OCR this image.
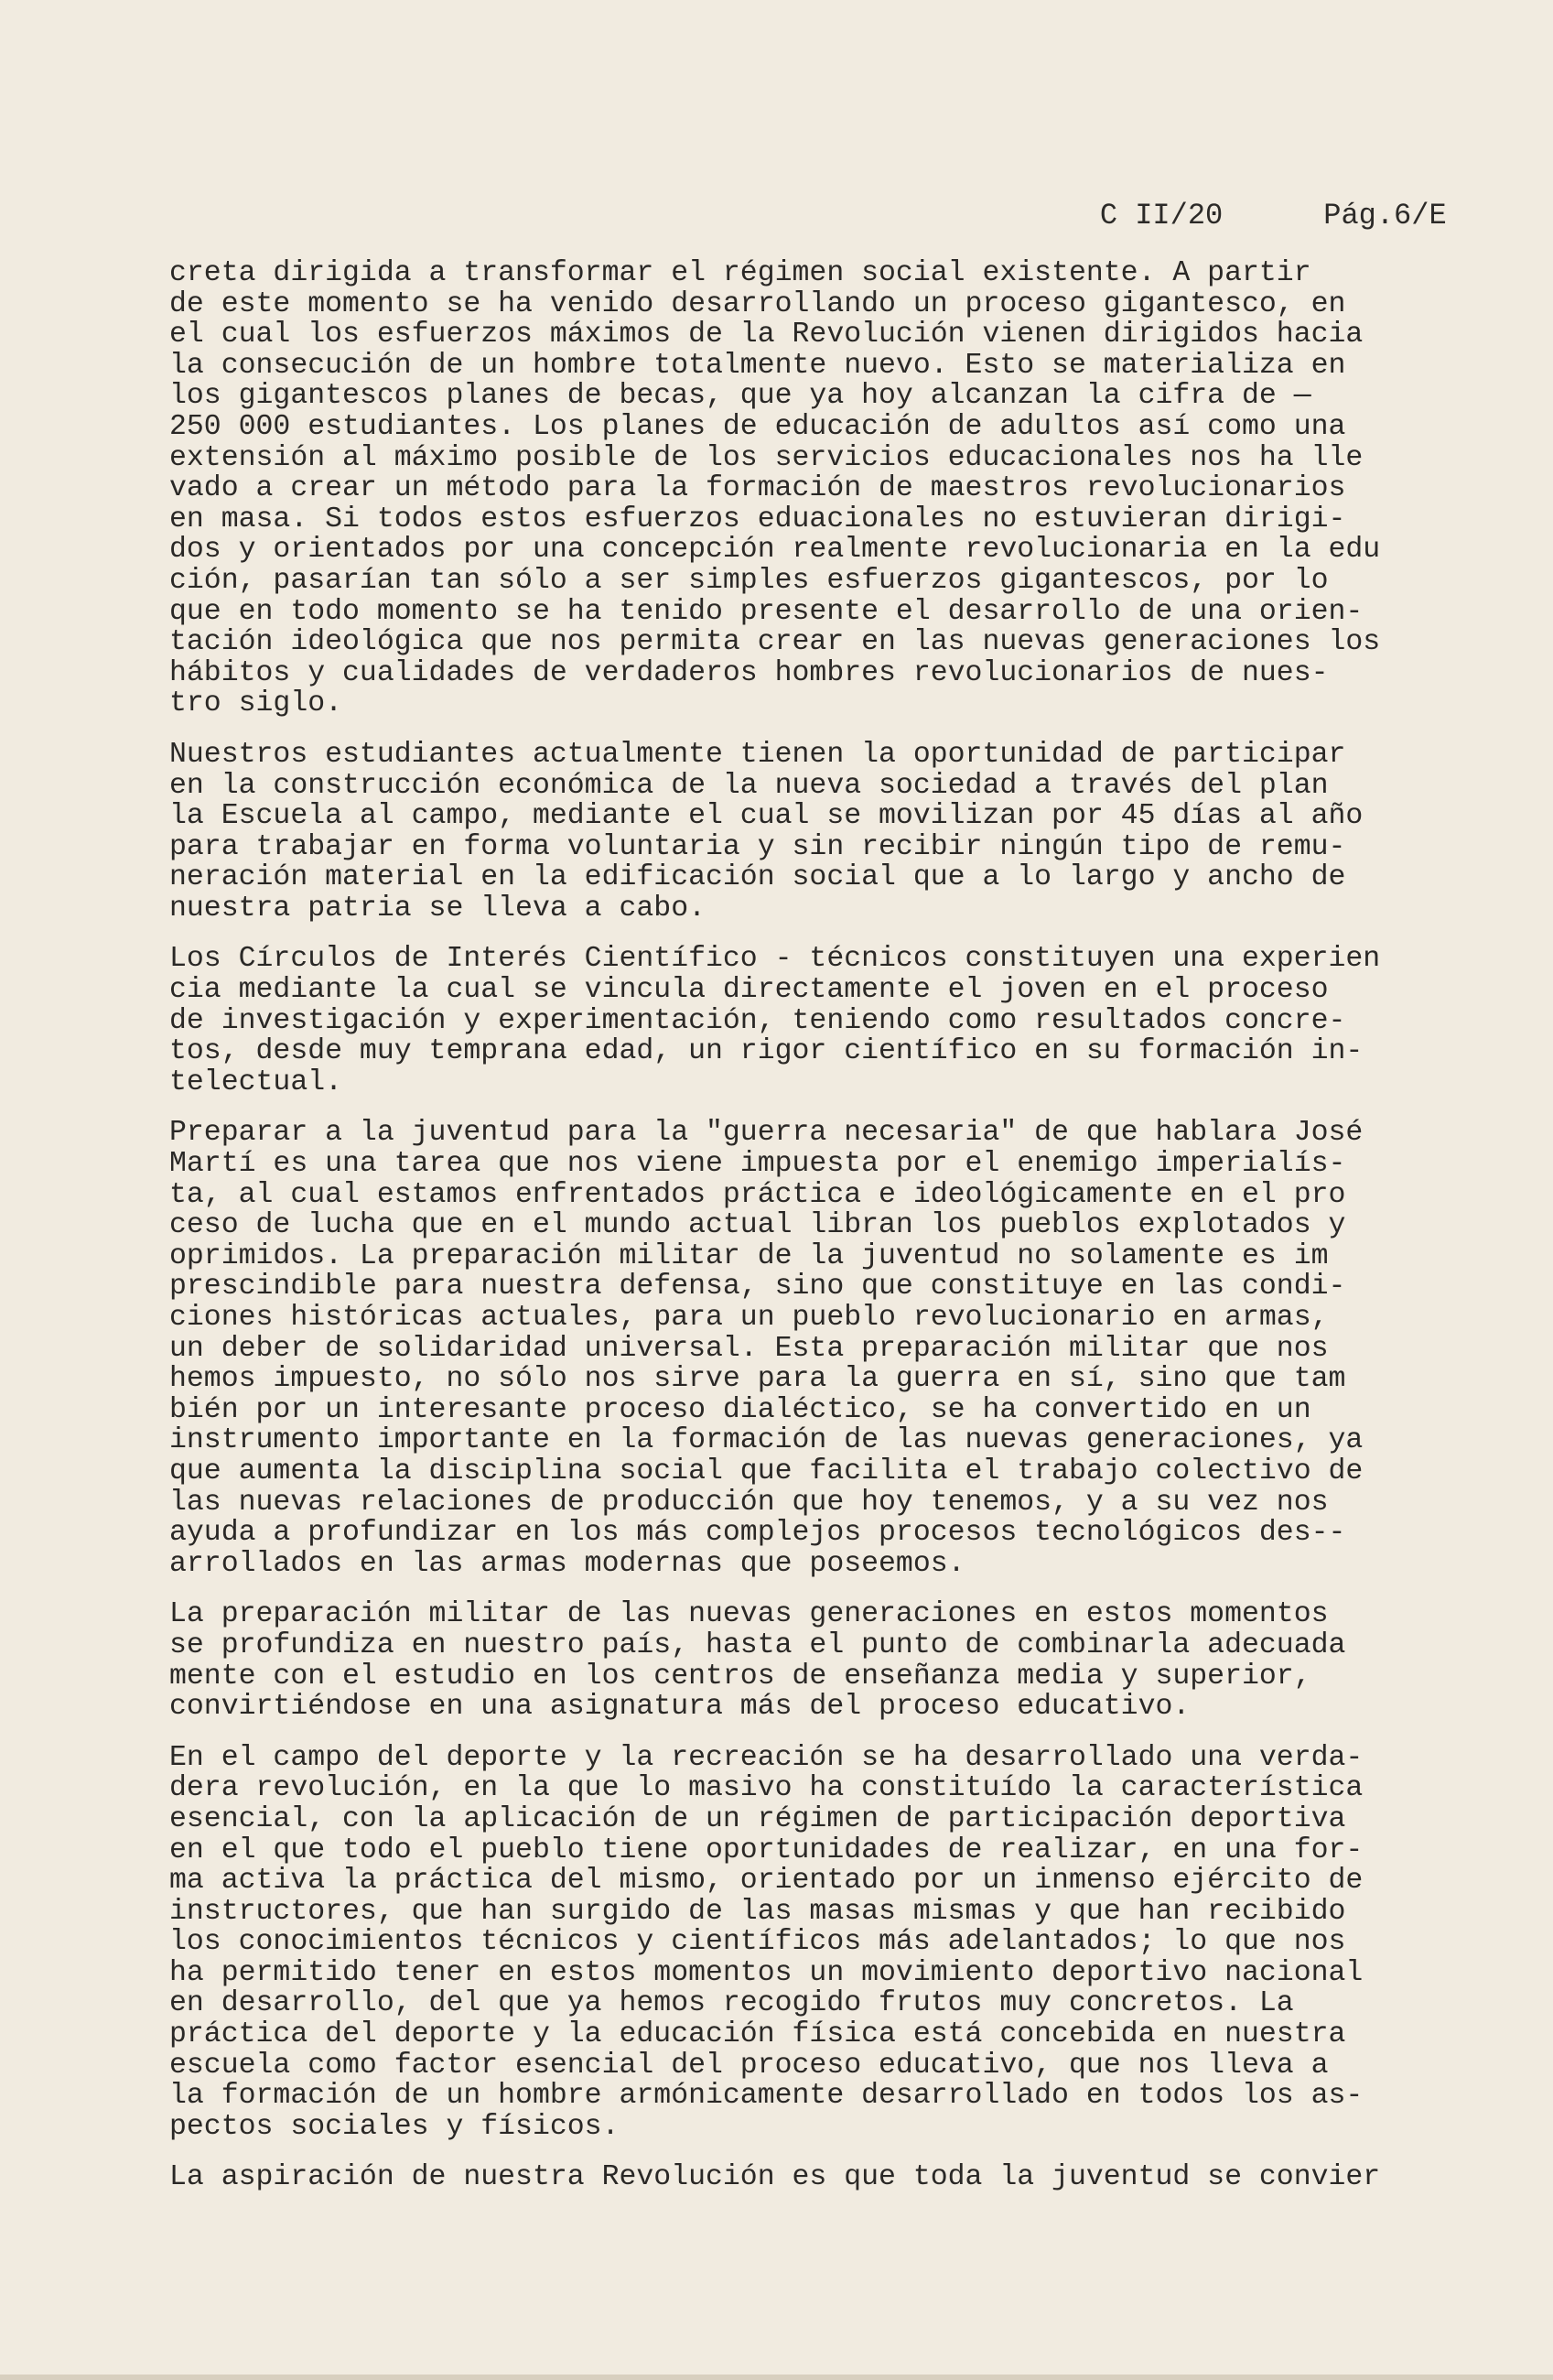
C II/20	Pág.6/E

creta dirigida a transformar el régimen social existente. A partir
de este momento se ha venido desarrollando un proceso gigantesco, en
el cual los esfuerzos máximos de la Revolución vienen dirigidos hacia
la consecución de un hombre totalmente nuevo. Esto se materializa en
los gigantescos planes de becas, que ya hoy alcanzan la cifra de —
250 000 estudiantes. Los planes de educación de adultos así como una
extensión al máximo posible de los servicios educacionales nos ha lle
vado a crear un método para la formación de maestros revolucionarios
en masa. Si todos estos esfuerzos eduacionales no estuvieran dirigi-
dos y orientados por una concepción realmente revolucionaria en la edu
ción, pasarían tan sólo a ser simples esfuerzos gigantescos, por lo
que en todo momento se ha tenido presente el desarrollo de una orien-
tación ideológica que nos permita crear en las nuevas generaciones los
hábitos y cualidades de verdaderos hombres revolucionarios de nues-
tro siglo.
Nuestros estudiantes actualmente tienen la oportunidad de participar
en la construcción económica de la nueva sociedad a través del plan
la Escuela al campo, mediante el cual se movilizan por 45 días al año
para trabajar en forma voluntaria y sin recibir ningún tipo de remu-
neración material en la edificación social que a lo largo y ancho de
nuestra patria se lleva a cabo.
Los Círculos de Interés Científico - técnicos constituyen una experien
cia mediante la cual se vincula directamente el joven en el proceso
de investigación y experimentación, teniendo como resultados concre-
tos, desde muy temprana edad, un rigor científico en su formación in-
telectual.
Preparar a la juventud para la "guerra necesaria" de que hablara José
Martí es una tarea que nos viene impuesta por el enemigo imperialís-
ta, al cual estamos enfrentados práctica e ideológicamente en el pro
ceso de lucha que en el mundo actual libran los pueblos explotados y
oprimidos. La preparación militar de la juventud no solamente es im
prescindible para nuestra defensa, sino que constituye en las condi-
ciones históricas actuales, para un pueblo revolucionario en armas,
un deber de solidaridad universal. Esta preparación militar que nos
hemos impuesto, no sólo nos sirve para la guerra en sí, sino que tam
bién por un interesante proceso dialéctico, se ha convertido en un
instrumento importante en la formación de las nuevas generaciones, ya
que aumenta la disciplina social que facilita el trabajo colectivo de
las nuevas relaciones de producción que hoy tenemos, y a su vez nos
ayuda a profundizar en los más complejos procesos tecnológicos des--
arrollados en las armas modernas que poseemos.
La preparación militar de las nuevas generaciones en estos momentos
se profundiza en nuestro país, hasta el punto de combinarla adecuada
mente con el estudio en los centros de enseñanza media y superior,
convirtiéndose en una asignatura más del proceso educativo.
En el campo del deporte y la recreación se ha desarrollado una verda-
dera revolución, en la que lo masivo ha constituído la característica
esencial, con la aplicación de un régimen de participación deportiva
en el que todo el pueblo tiene oportunidades de realizar, en una for-
ma activa la práctica del mismo, orientado por un inmenso ejército de
instructores, que han surgido de las masas mismas y que han recibido
los conocimientos técnicos y científicos más adelantados; lo que nos
ha permitido tener en estos momentos un movimiento deportivo nacional
en desarrollo, del que ya hemos recogido frutos muy concretos. La
práctica del deporte y la educación física está concebida en nuestra
escuela como factor esencial del proceso educativo, que nos lleva a
la formación de un hombre armónicamente desarrollado en todos los as-
pectos sociales y físicos.
La aspiración de nuestra Revolución es que toda la juventud se convier
